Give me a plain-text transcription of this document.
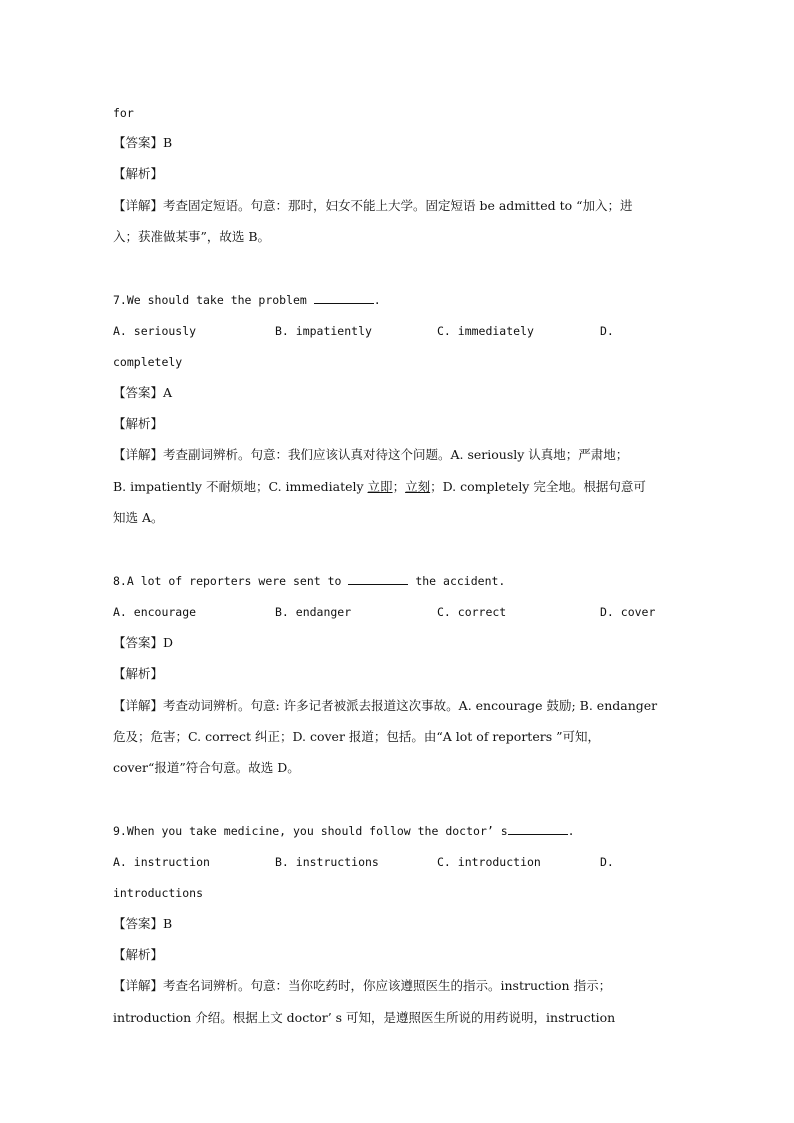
for
【答案】B
【解析】
【详解】考查固定短语。句意：那时，妇女不能上大学。固定短语 be admitted to “加入；进
入；获准做某事”，故选 B。
7.We should take the problem	.
A. seriously	B. impatiently	C. immediately	D.
completely
【答案】A
【解析】
【详解】考查副词辨析。句意：我们应该认真对待这个问题。A. seriously 认真地；严肃地；
B. impatiently 不耐烦地；C. immediately 立即；立刻；D. completely 完全地。根据句意可
知选 A。
8.A lot of reporters were sent to	the accident.
A. encourage	B. endanger	C. correct	D. cover
【答案】D
【解析】
【详解】考查动词辨析。句意: 许多记者被派去报道这次事故。A. encourage 鼓励; B. endanger
危及；危害；C. correct 纠正；D. cover 报道；包括。由“A lot of reporters ”可知，
cover“报道”符合句意。故选 D。
9.When you take medicine, you should follow the doctor’ s	.
A. instruction	B. instructions	C. introduction	D.
introductions
【答案】B
【解析】
【详解】考查名词辨析。句意：当你吃药时，你应该遵照医生的指示。instruction 指示；
introduction 介绍。根据上文 doctor’ s 可知，是遵照医生所说的用药说明，instruction
